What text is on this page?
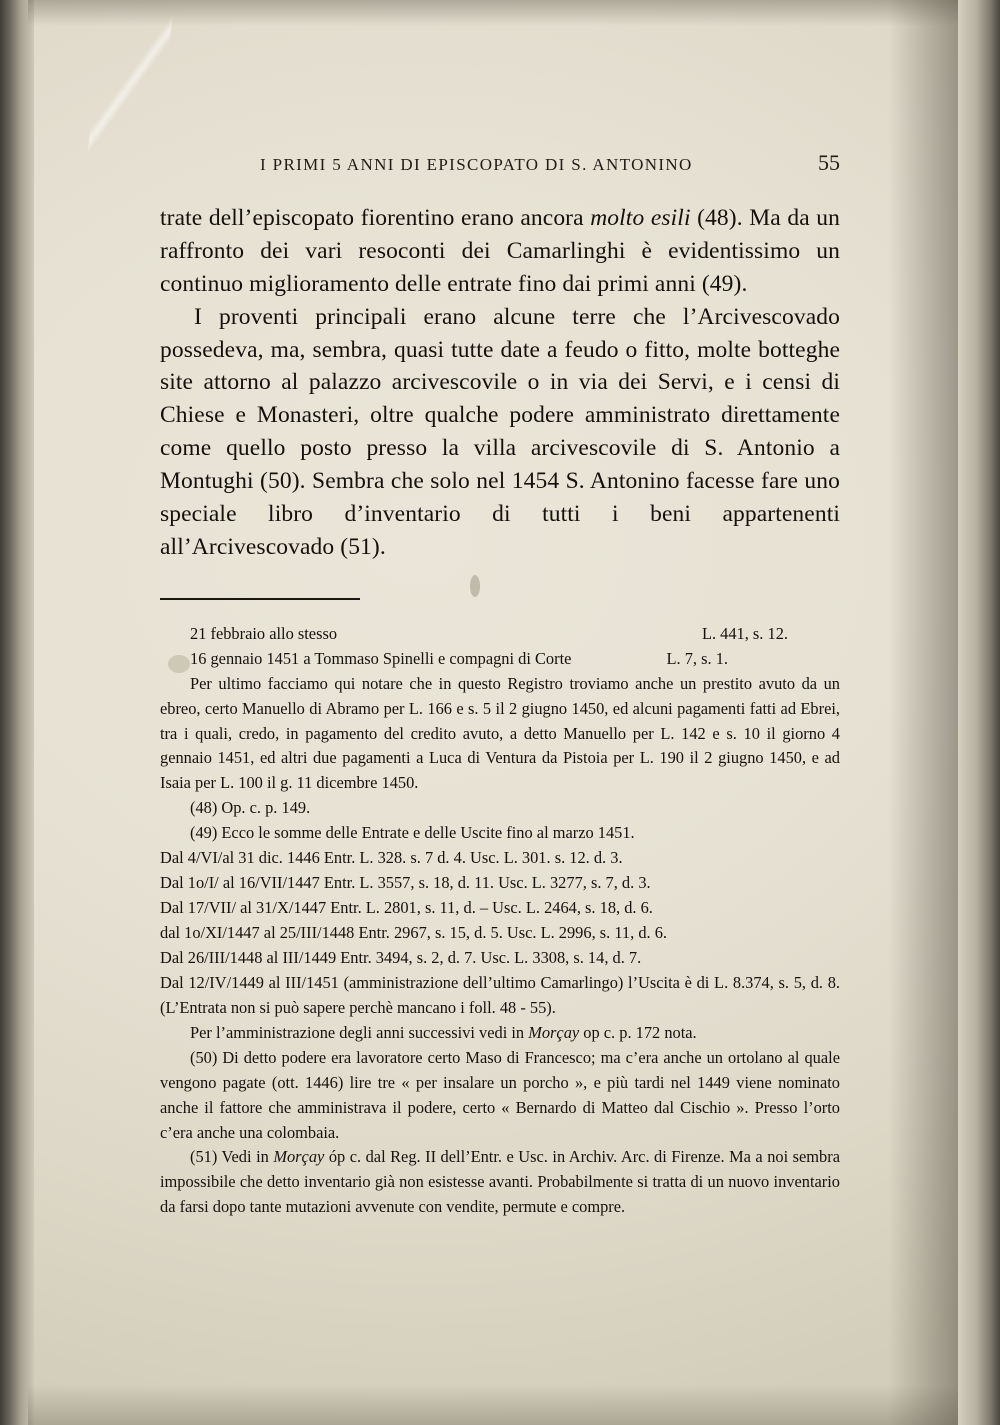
I PRIMI 5 ANNI DI EPISCOPATO DI S. ANTONINO	55

trate dell’episcopato fiorentino erano ancora molto esili (48). Ma da un raffronto dei vari resoconti dei Camarlinghi è evidentissimo un continuo miglioramento delle entrate fino dai primi anni (49).

I proventi principali erano alcune terre che l’Arcivescovado possedeva, ma, sembra, quasi tutte date a feudo o fitto, molte botteghe site attorno al palazzo arcivescovile o in via dei Servi, e i censi di Chiese e Monasteri, oltre qualche podere amministrato direttamente come quello posto presso la villa arcivescovile di S. Antonio a Montughi (50). Sembra che solo nel 1454 S. Antonino facesse fare uno speciale libro d’inventario di tutti i beni appartenenti all’Arcivescovado (51).

21 febbraio allo stesso	L. 441, s. 12.

16 gennaio 1451 a Tommaso Spinelli e compagni di Corte	L. 7, s. 1.

Per ultimo facciamo qui notare che in questo Registro troviamo anche un prestito avuto da un ebreo, certo Manuello di Abramo per L. 166 e s. 5 il 2 giugno 1450, ed alcuni pagamenti fatti ad Ebrei, tra i quali, credo, in pagamento del credito avuto, a detto Manuello per L. 142 e s. 10 il giorno 4 gennaio 1451, ed altri due pagamenti a Luca di Ventura da Pistoia per L. 190 il 2 giugno 1450, e ad Isaia per L. 100 il g. 11 dicembre 1450.

(48) Op. c. p. 149.

(49) Ecco le somme delle Entrate e delle Uscite fino al marzo 1451.

Dal 4/VI/al 31 dic. 1446 Entr. L. 328. s. 7 d. 4. Usc. L. 301. s. 12. d. 3.

Dal 1o/I/ al 16/VII/1447 Entr. L. 3557, s. 18, d. 11. Usc. L. 3277, s. 7, d. 3.

Dal 17/VII/ al 31/X/1447 Entr. L. 2801, s. 11, d. – Usc. L. 2464, s. 18, d. 6.

dal 1o/XI/1447 al 25/III/1448 Entr. 2967, s. 15, d. 5. Usc. L. 2996, s. 11, d. 6.

Dal 26/III/1448 al III/1449 Entr. 3494, s. 2, d. 7. Usc. L. 3308, s. 14, d. 7.

Dal 12/IV/1449 al III/1451 (amministrazione dell’ultimo Camarlingo) l’Uscita è di L. 8.374, s. 5, d. 8. (L’Entrata non si può sapere perchè mancano i foll. 48 - 55).

Per l’amministrazione degli anni successivi vedi in Morçay op c. p. 172 nota.

(50) Di detto podere era lavoratore certo Maso di Francesco; ma c’era anche un ortolano al quale vengono pagate (ott. 1446) lire tre « per insalare un porcho », e più tardi nel 1449 viene nominato anche il fattore che amministrava il podere, certo « Bernardo di Matteo dal Cischio ». Presso l’orto c’era anche una colombaia.

(51) Vedi in Morçay óp c. dal Reg. II dell’Entr. e Usc. in Archiv. Arc. di Firenze. Ma a noi sembra impossibile che detto inventario già non esistesse avanti. Probabilmente si tratta di un nuovo inventario da farsi dopo tante mutazioni avvenute con vendite, permute e compre.
